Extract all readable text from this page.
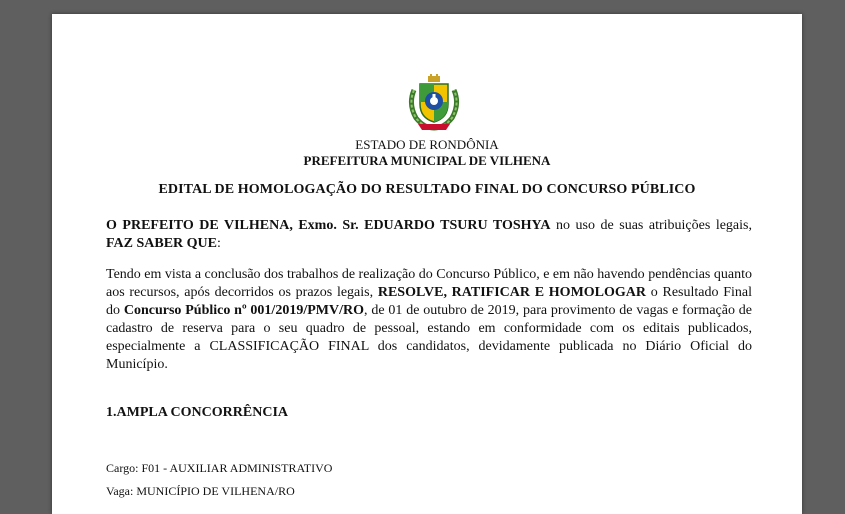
ESTADO DE RONDÔNIA
PREFEITURA MUNICIPAL DE VILHENA
EDITAL DE HOMOLOGAÇÃO DO RESULTADO FINAL DO CONCURSO PÚBLICO

O PREFEITO DE VILHENA, Exmo. Sr. EDUARDO TSURU TOSHYA no uso de suas atribuições legais, FAZ SABER QUE:

Tendo em vista a conclusão dos trabalhos de realização do Concurso Público, e em não havendo pendências quanto aos recursos, após decorridos os prazos legais, RESOLVE, RATIFICAR E HOMOLOGAR o Resultado Final do Concurso Público nº 001/2019/PMV/RO, de 01 de outubro de 2019, para provimento de vagas e formação de cadastro de reserva para o seu quadro de pessoal, estando em conformidade com os editais publicados, especialmente a CLASSIFICAÇÃO FINAL dos candidatos, devidamente publicada no Diário Oficial do Município.

1.AMPLA CONCORRÊNCIA
Cargo: F01 - AUXILIAR ADMINISTRATIVO
Vaga: MUNICÍPIO DE VILHENA/RO
